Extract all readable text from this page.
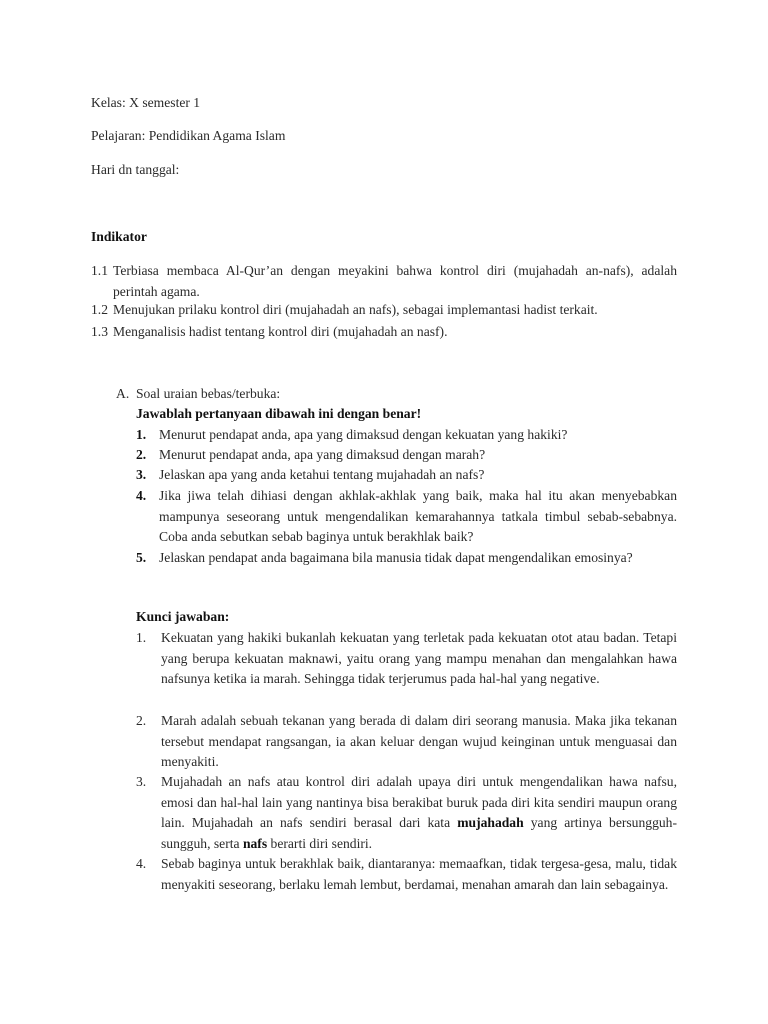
Kelas: X semester 1
Pelajaran: Pendidikan Agama Islam
Hari dn tanggal:
Indikator
1.1 Terbiasa membaca Al-Qur’an dengan meyakini bahwa kontrol diri (mujahadah an-nafs), adalah perintah agama.
1.2 Menujukan prilaku kontrol diri (mujahadah an nafs), sebagai implemantasi hadist terkait.
1.3 Menganalisis hadist tentang kontrol diri (mujahadah an nasf).
A. Soal uraian bebas/terbuka:
Jawablah pertanyaan dibawah ini dengan benar!
1. Menurut pendapat anda, apa yang dimaksud dengan kekuatan yang hakiki?
2. Menurut pendapat anda, apa yang dimaksud dengan marah?
3. Jelaskan apa yang anda ketahui tentang mujahadah an nafs?
4. Jika jiwa telah dihiasi dengan akhlak-akhlak yang baik, maka hal itu akan menyebabkan mampunya seseorang untuk mengendalikan kemarahannya tatkala timbul sebab-sebabnya. Coba anda sebutkan sebab baginya untuk berakhlak baik?
5. Jelaskan pendapat anda bagaimana bila manusia tidak dapat mengendalikan emosinya?
Kunci jawaban:
1. Kekuatan yang hakiki bukanlah kekuatan yang terletak pada kekuatan otot atau badan. Tetapi yang berupa kekuatan maknawi, yaitu orang yang mampu menahan dan mengalahkan hawa nafsunya ketika ia marah. Sehingga tidak terjerumus pada hal-hal yang negative.
2. Marah adalah sebuah tekanan yang berada di dalam diri seorang manusia. Maka jika tekanan tersebut mendapat rangsangan, ia akan keluar dengan wujud keinginan untuk menguasai dan menyakiti.
3. Mujahadah an nafs atau kontrol diri adalah upaya diri untuk mengendalikan hawa nafsu, emosi dan hal-hal lain yang nantinya bisa berakibat buruk pada diri kita sendiri maupun orang lain. Mujahadah an nafs sendiri berasal dari kata mujahadah yang artinya bersungguh-sungguh, serta nafs berarti diri sendiri.
4. Sebab baginya untuk berakhlak baik, diantaranya: memaafkan, tidak tergesa-gesa, malu, tidak menyakiti seseorang, berlaku lemah lembut, berdamai, menahan amarah dan lain sebagainya.
